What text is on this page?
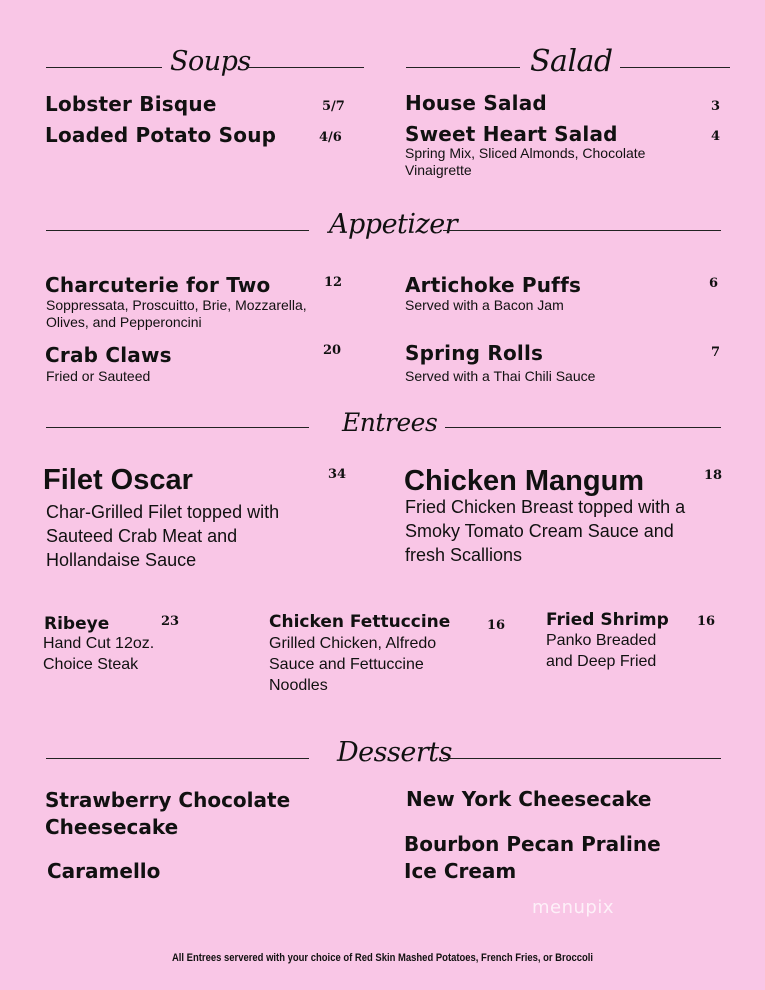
Soups	Salad
Lobster Bisque	5/7
Loaded Potato Soup	4/6
House Salad	3
Sweet Heart Salad	4
Spring Mix, Sliced Almonds, Chocolate Vinaigrette
Appetizer
Charcuterie for Two	12
Soppressata, Proscuitto, Brie, Mozzarella, Olives, and Pepperoncini
Artichoke Puffs	6
Served with a Bacon Jam
Crab Claws	20
Fried or Sauteed
Spring Rolls	7
Served with a Thai Chili Sauce
Entrees
Filet Oscar	34
Char-Grilled Filet topped with Sauteed Crab Meat and Hollandaise Sauce
Chicken Mangum	18
Fried Chicken Breast topped with a Smoky Tomato Cream Sauce and fresh Scallions
Ribeye	23
Hand Cut 12oz. Choice Steak
Chicken Fettuccine	16
Grilled Chicken, Alfredo Sauce and Fettuccine Noodles
Fried Shrimp 16
Panko Breaded and Deep Fried
Desserts
Strawberry Chocolate Cheesecake
New York Cheesecake
Caramello
Bourbon Pecan Praline Ice Cream
menupix
All Entrees servered with your choice of Red Skin Mashed Potatoes, French Fries, or Broccoli
